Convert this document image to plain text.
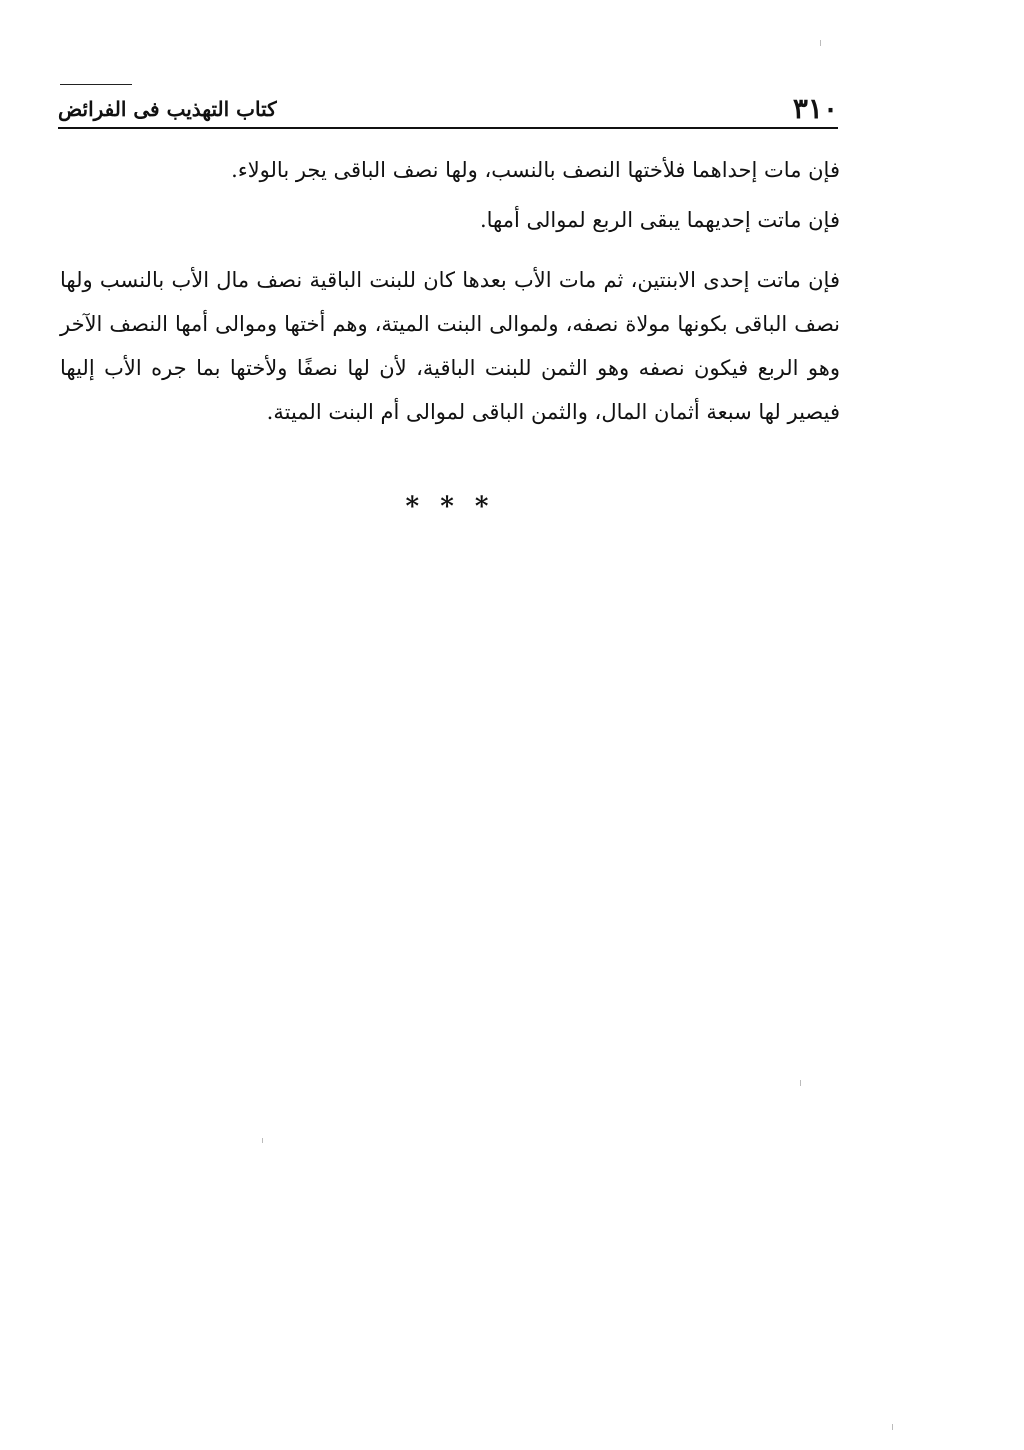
٣١٠
كتاب التهذيب فى الفرائض

فإن مات إحداهما فلأختها النصف بالنسب، ولها نصف الباقى يجر بالولاء.

فإن ماتت إحديهما يبقى الربع لموالى أمها.

فإن ماتت إحدى الابنتين، ثم مات الأب بعدها كان للبنت الباقية نصف مال الأب بالنسب ولها نصف الباقى بكونها مولاة نصفه، ولموالى البنت الميتة، وهم أختها وموالى أمها النصف الآخر وهو الربع فيكون نصفه وهو الثمن للبنت الباقية، لأن لها نصفًا ولأختها بما جره الأب إليها فيصير لها سبعة أثمان المال، والثمن الباقى لموالى أم البنت الميتة.

* * *
